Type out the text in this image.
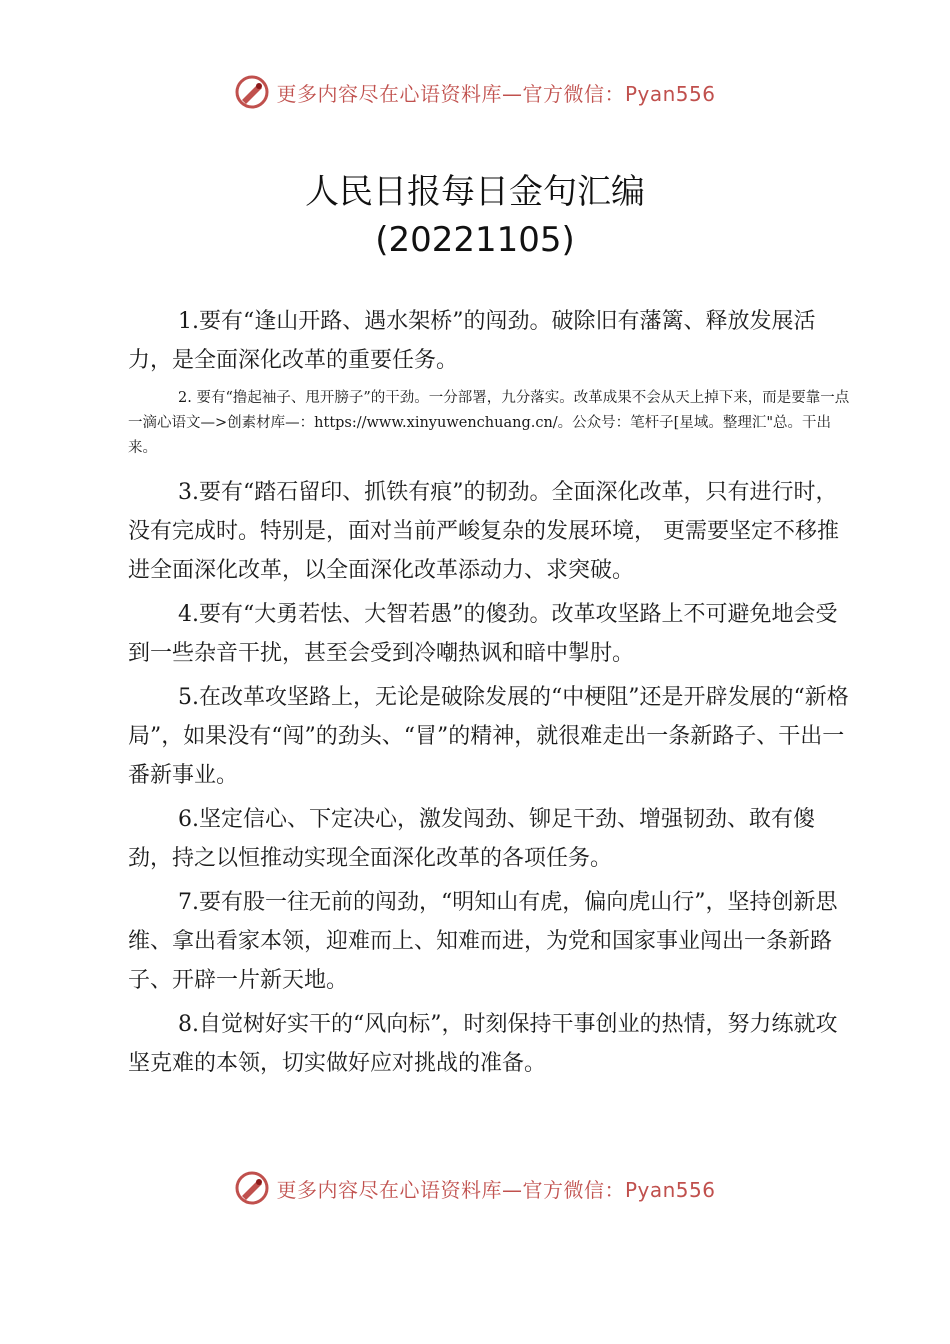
更多内容尽在心语资料库—官方微信：Pyan556
人民日报每日金句汇编
(20221105)

1.要有“逢山开路、遇水架桥”的闯劲。破除旧有藩篱、释放发展活力，是全面深化改革的重要任务。

2. 要有“撸起袖子、甩开膀子”的干劲。一分部署，九分落实。改革成果不会从天上掉下来，而是要靠一点一滴心语文—>创素材库—：https://www.xinyuwenchuang.cn/。公众号：笔杆子[星域。整理汇"总。干出来。

3.要有“踏石留印、抓铁有痕”的韧劲。全面深化改革，只有进行时，没有完成时。特别是，面对当前严峻复杂的发展环境， 更需要坚定不移推进全面深化改革，以全面深化改革添动力、求突破。

4.要有“大勇若怯、大智若愚”的傻劲。改革攻坚路上不可避免地会受到一些杂音干扰，甚至会受到冷嘲热讽和暗中掣肘。

5.在改革攻坚路上，无论是破除发展的“中梗阻”还是开辟发展的“新格局”，如果没有“闯”的劲头、“冒”的精神，就很难走出一条新路子、干出一番新事业。

6.坚定信心、下定决心，激发闯劲、铆足干劲、增强韧劲、敢有傻劲，持之以恒推动实现全面深化改革的各项任务。

7.要有股一往无前的闯劲，“明知山有虎，偏向虎山行”，坚持创新思维、拿出看家本领，迎难而上、知难而进，为党和国家事业闯出一条新路子、开辟一片新天地。

8.自觉树好实干的“风向标”，时刻保持干事创业的热情，努力练就攻坚克难的本领，切实做好应对挑战的准备。

更多内容尽在心语资料库—官方微信：Pyan556
